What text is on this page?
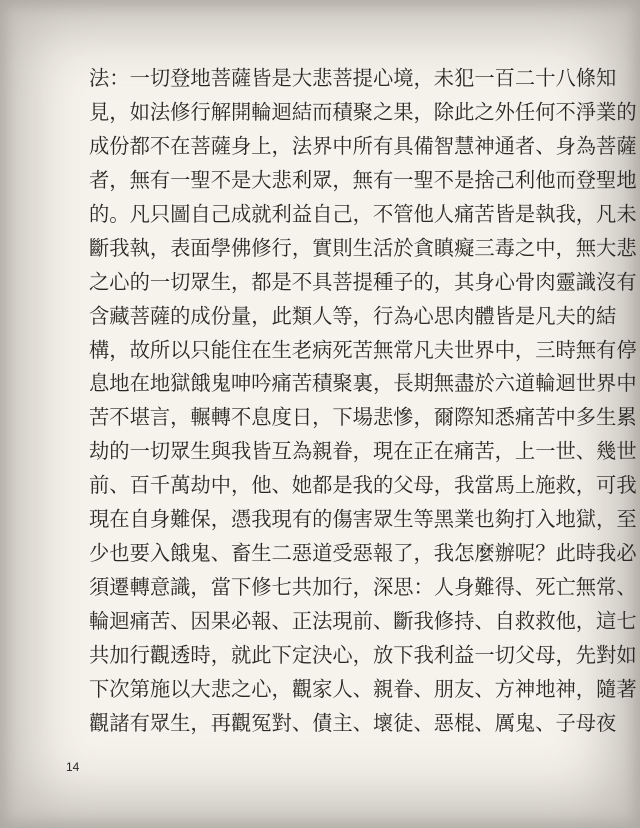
法：一切登地菩薩皆是大悲菩提心境，未犯一百二十八條知
見，如法修行解開輪迴結而積聚之果，除此之外任何不淨業的
成份都不在菩薩身上，法界中所有具備智慧神通者、身為菩薩
者，無有一聖不是大悲利眾，無有一聖不是捨己利他而登聖地
的。凡只圖自己成就利益自己，不管他人痛苦皆是執我，凡未
斷我執，表面學佛修行，實則生活於貪瞋癡三毒之中，無大悲
之心的一切眾生，都是不具菩提種子的，其身心骨肉靈識沒有
含藏菩薩的成份量，此類人等，行為心思肉體皆是凡夫的結
構，故所以只能住在生老病死苦無常凡夫世界中，三時無有停
息地在地獄餓鬼呻吟痛苦積聚裏，長期無盡於六道輪迴世界中
苦不堪言，輾轉不息度日，下場悲慘，爾際知悉痛苦中多生累
劫的一切眾生與我皆互為親眷，現在正在痛苦，上一世、幾世
前、百千萬劫中，他、她都是我的父母，我當馬上施救，可我
現在自身難保，憑我現有的傷害眾生等黑業也夠打入地獄，至
少也要入餓鬼、畜生二惡道受惡報了，我怎麼辦呢？此時我必
須遷轉意識，當下修七共加行，深思：人身難得、死亡無常、
輪迴痛苦、因果必報、正法現前、斷我修持、自救救他，這七
共加行觀透時，就此下定決心，放下我利益一切父母，先對如
下次第施以大悲之心，觀家人、親眷、朋友、方神地神，隨著
觀諸有眾生，再觀冤對、債主、壞徒、惡棍、厲鬼、子母夜
14
